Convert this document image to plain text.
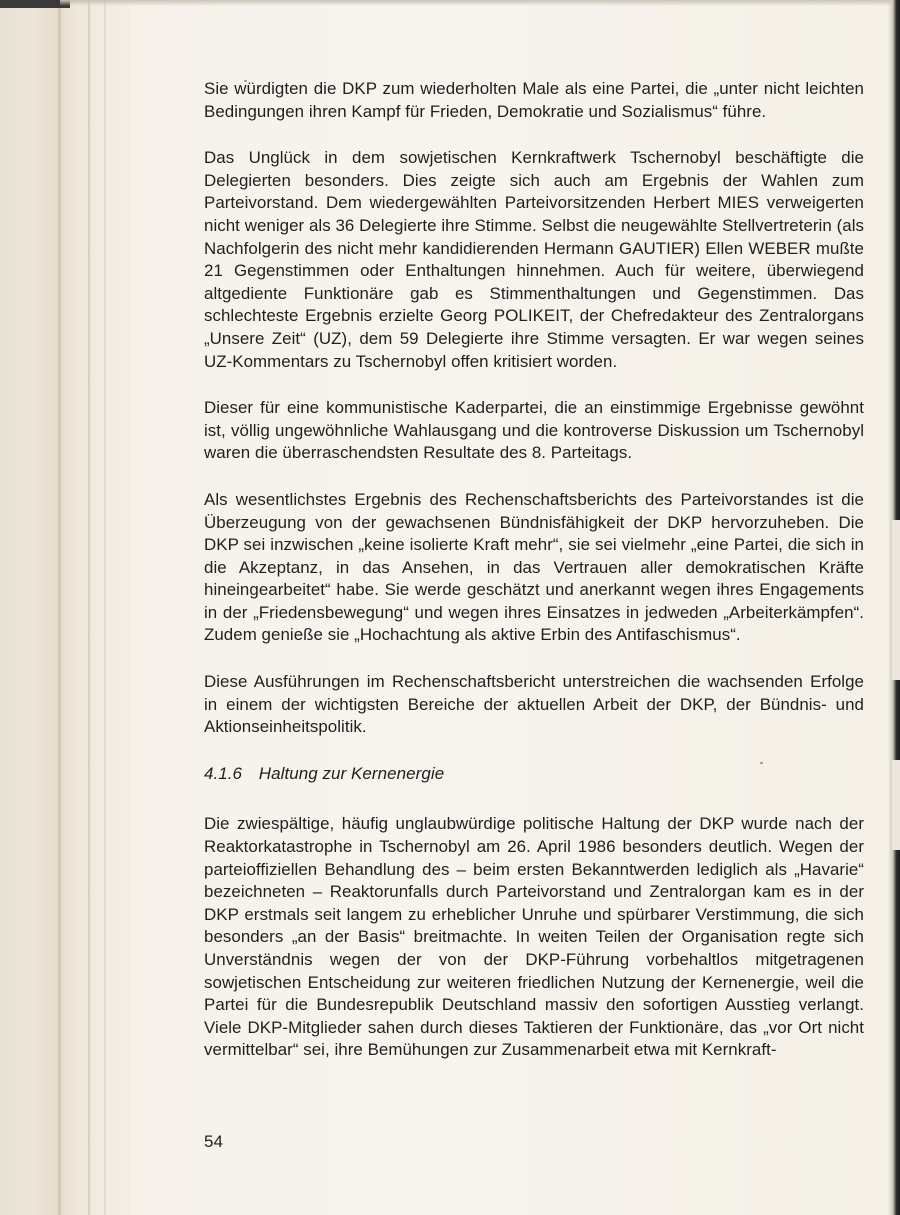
Sie würdigten die DKP zum wiederholten Male als eine Partei, die „unter nicht leichten Bedingungen ihren Kampf für Frieden, Demokratie und Sozialismus“ führe.

Das Unglück in dem sowjetischen Kernkraftwerk Tschernobyl beschäftigte die Delegierten besonders. Dies zeigte sich auch am Ergebnis der Wahlen zum Parteivorstand. Dem wiedergewählten Parteivorsitzenden Herbert MIES verweigerten nicht weniger als 36 Delegierte ihre Stimme. Selbst die neugewählte Stellvertreterin (als Nachfolgerin des nicht mehr kandidierenden Hermann GAUTIER) Ellen WEBER mußte 21 Gegenstimmen oder Enthaltungen hinnehmen. Auch für weitere, überwiegend altgediente Funktionäre gab es Stimmenthaltungen und Gegenstimmen. Das schlechteste Ergebnis erzielte Georg POLIKEIT, der Chefredakteur des Zentralorgans „Unsere Zeit“ (UZ), dem 59 Delegierte ihre Stimme versagten. Er war wegen seines UZ-Kommentars zu Tschernobyl offen kritisiert worden.

Dieser für eine kommunistische Kaderpartei, die an einstimmige Ergebnisse gewöhnt ist, völlig ungewöhnliche Wahlausgang und die kontroverse Diskussion um Tschernobyl waren die überraschendsten Resultate des 8. Parteitags.

Als wesentlichstes Ergebnis des Rechenschaftsberichts des Parteivorstandes ist die Überzeugung von der gewachsenen Bündnisfähigkeit der DKP hervorzuheben. Die DKP sei inzwischen „keine isolierte Kraft mehr“, sie sei vielmehr „eine Partei, die sich in die Akzeptanz, in das Ansehen, in das Vertrauen aller demokratischen Kräfte hineingearbeitet“ habe. Sie werde geschätzt und anerkannt wegen ihres Engagements in der „Friedensbewegung“ und wegen ihres Einsatzes in jedweden „Arbeiterkämpfen“. Zudem genieße sie „Hochachtung als aktive Erbin des Antifaschismus“.

Diese Ausführungen im Rechenschaftsbericht unterstreichen die wachsenden Erfolge in einem der wichtigsten Bereiche der aktuellen Arbeit der DKP, der Bündnis- und Aktionseinheitspolitik.

4.1.6 Haltung zur Kernenergie

Die zwiespältige, häufig unglaubwürdige politische Haltung der DKP wurde nach der Reaktorkatastrophe in Tschernobyl am 26. April 1986 besonders deutlich. Wegen der parteioffiziellen Behandlung des – beim ersten Bekanntwerden lediglich als „Havarie“ bezeichneten – Reaktorunfalls durch Parteivorstand und Zentralorgan kam es in der DKP erstmals seit langem zu erheblicher Unruhe und spürbarer Verstimmung, die sich besonders „an der Basis“ breitmachte. In weiten Teilen der Organisation regte sich Unverständnis wegen der von der DKP-Führung vorbehaltlos mitgetragenen sowjetischen Entscheidung zur weiteren friedlichen Nutzung der Kernenergie, weil die Partei für die Bundesrepublik Deutschland massiv den sofortigen Ausstieg verlangt. Viele DKP-Mitglieder sahen durch dieses Taktieren der Funktionäre, das „vor Ort nicht vermittelbar“ sei, ihre Bemühungen zur Zusammenarbeit etwa mit Kernkraft-

54
